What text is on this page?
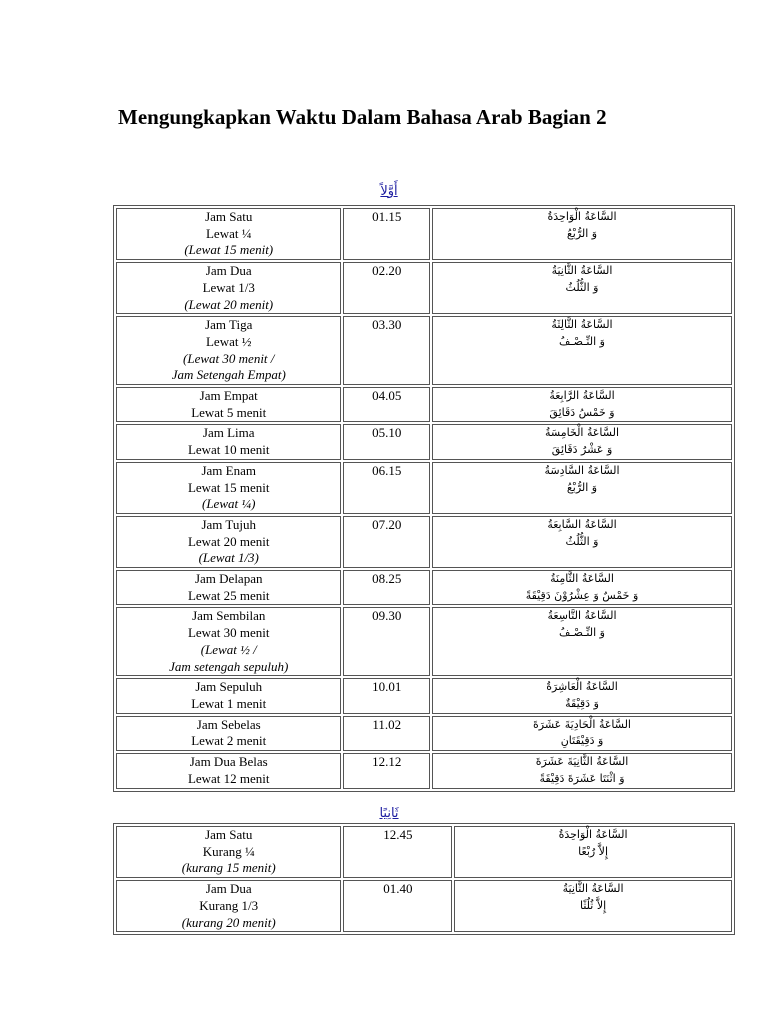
Mengungkapkan Waktu Dalam Bahasa Arab Bagian 2
أَوَّلاً
Jam Satu
Lewat ¼
(Lewat 15 menit)	01.15	السَّاعَةُ الْوَاحِدَةُ
وَ الرُّبْعُ

Jam Dua
Lewat 1/3
(Lewat 20 menit)	02.20	السَّاعَةُ الثَّانِيَةُ
وَ الثُّلُثُ

Jam Tiga
Lewat ½
(Lewat 30 menit /
Jam Setengah Empat)	03.30	السَّاعَةُ الثَّالِثَةُ
وَ النِّـصْـفُ

Jam Empat
Lewat 5 menit	04.05	السَّاعَةُ الرَّابِعَةُ
وَ خَمْسُ دَقَائِقَ

Jam Lima
Lewat 10 menit	05.10	السَّاعَةُ الْخَامِسَةُ
وَ عَشْرُ دَقَائِقَ

Jam Enam
Lewat 15 menit
(Lewat ¼)	06.15	السَّاعَةُ السَّادِسَةُ
وَ الرُّبْعُ

Jam Tujuh
Lewat 20 menit
(Lewat 1/3)	07.20	السَّاعَةُ السَّابِعَةُ
وَ الثُّلُثُ

Jam Delapan
Lewat 25 menit	08.25	السَّاعَةُ الثَّامِنَةُ
وَ خَمْسٌ وَ عِشْرُوْنَ دَقِيْقَةً

Jam Sembilan
Lewat 30 menit
(Lewat ½ /
Jam setengah sepuluh)	09.30	السَّاعَةُ التَّاسِعَةُ
وَ النِّـصْـفُ

Jam Sepuluh
Lewat 1 menit	10.01	السَّاعَةُ الْعَاشِرَةُ
وَ دَقِيْقَةٌ

Jam Sebelas
Lewat 2 menit	11.02	السَّاعَةُ الْحَادِيَةَ عَشَرَةَ
وَ دَقِيْقَتَانِ

Jam Dua Belas
Lewat 12 menit	12.12	السَّاعَةُ الثَّانِيَةَ عَشَرَةَ
وَ اثْنَتَا عَشَرَةَ دَقِيْقَةً
ثَانِيًا
Jam Satu
Kurang ¼
(kurang 15 menit)	12.45	السَّاعَةُ الْوَاحِدَةُ
إِلاَّ رُبْعًا

Jam Dua
Kurang 1/3
(kurang 20 menit)	01.40	السَّاعَةُ الثَّانِيَةُ
إِلاَّ ثُلُثًا
